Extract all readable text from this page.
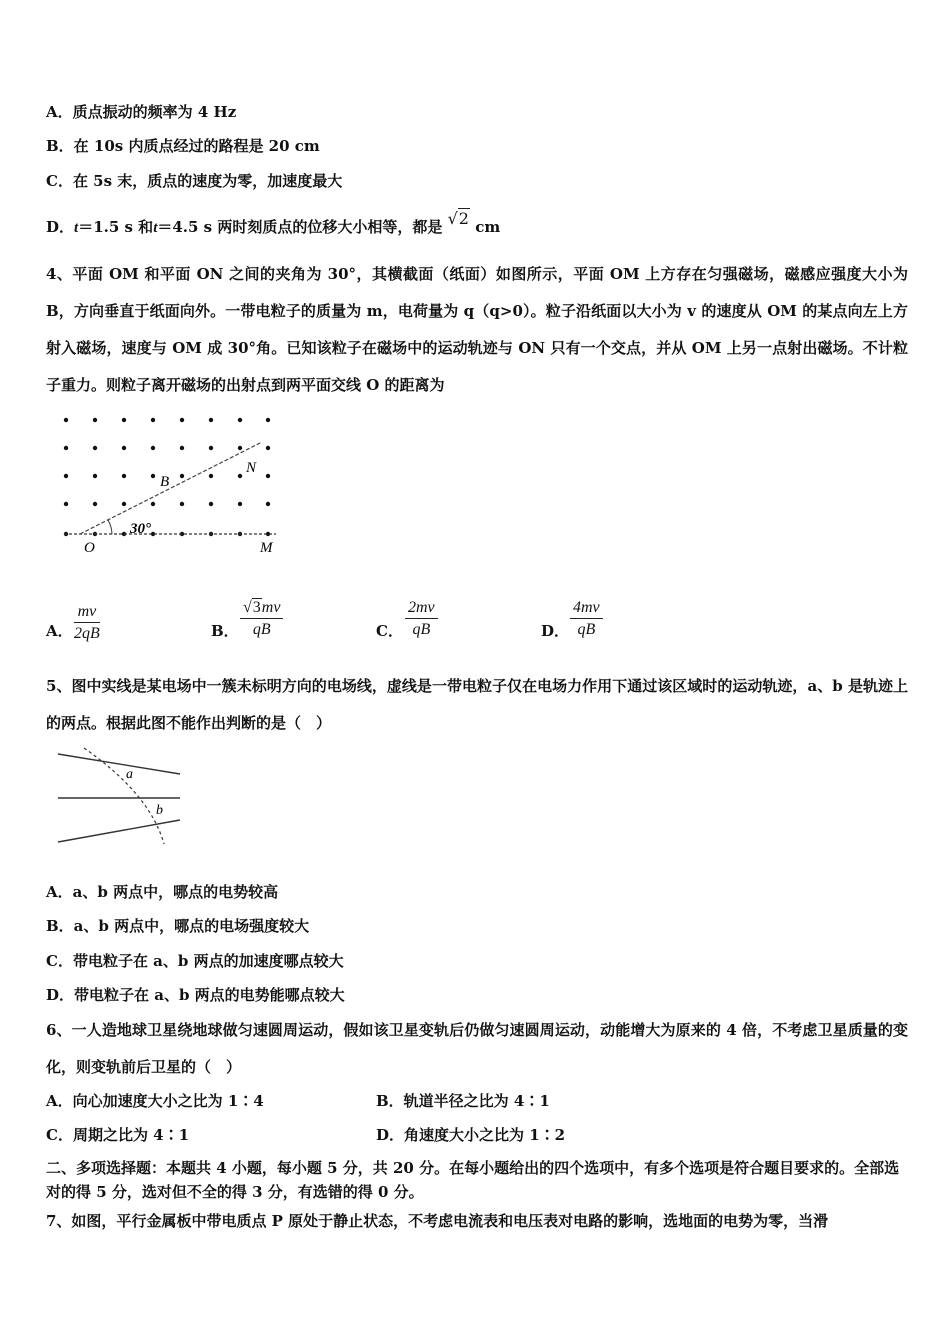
A．质点振动的频率为 4 Hz
B．在 10s 内质点经过的路程是 20 cm
C．在 5s 末，质点的速度为零，加速度最大
D．t＝1.5 s 和t＝4.5 s 两时刻质点的位移大小相等，都是 √2 cm
4、平面 OM 和平面 ON 之间的夹角为 30°，其横截面（纸面）如图所示，平面 OM 上方存在匀强磁场，磁感应强度大小为 B，方向垂直于纸面向外。一带电粒子的质量为 m，电荷量为 q（q>0）。粒子沿纸面以大小为 v 的速度从 OM 的某点向左上方射入磁场，速度与 OM 成 30°角。已知该粒子在磁场中的运动轨迹与 ON 只有一个交点，并从 OM 上另一点射出磁场。不计粒子重力。则粒子离开磁场的出射点到两平面交线 O 的距离为
30°
B
N
O	M
A． $\frac{mv}{2qB}$	B． $\frac{√3mv}{qB}$	C． $\frac{2mv}{qB}$	D． $\frac{4mv}{qB}$
5、图中实线是某电场中一簇未标明方向的电场线，虚线是一带电粒子仅在电场力作用下通过该区域时的运动轨迹，a、b 是轨迹上的两点。根据此图不能作出判断的是（　）
a
b
A．a、b 两点中，哪点的电势较高
B．a、b 两点中，哪点的电场强度较大
C．带电粒子在 a、b 两点的加速度哪点较大
D．带电粒子在 a、b 两点的电势能哪点较大
6、一人造地球卫星绕地球做匀速圆周运动，假如该卫星变轨后仍做匀速圆周运动，动能增大为原来的 4 倍，不考虑卫星质量的变化，则变轨前后卫星的（　）
A．向心加速度大小之比为 1∶4	B．轨道半径之比为 4∶1
C．周期之比为 4∶1	D．角速度大小之比为 1∶2
二、多项选择题：本题共 4 小题，每小题 5 分，共 20 分。在每小题给出的四个选项中，有多个选项是符合题目要求的。全部选对的得 5 分，选对但不全的得 3 分，有选错的得 0 分。
7、如图，平行金属板中带电质点 P 原处于静止状态，不考虑电流表和电压表对电路的影响，选地面的电势为零，当滑
